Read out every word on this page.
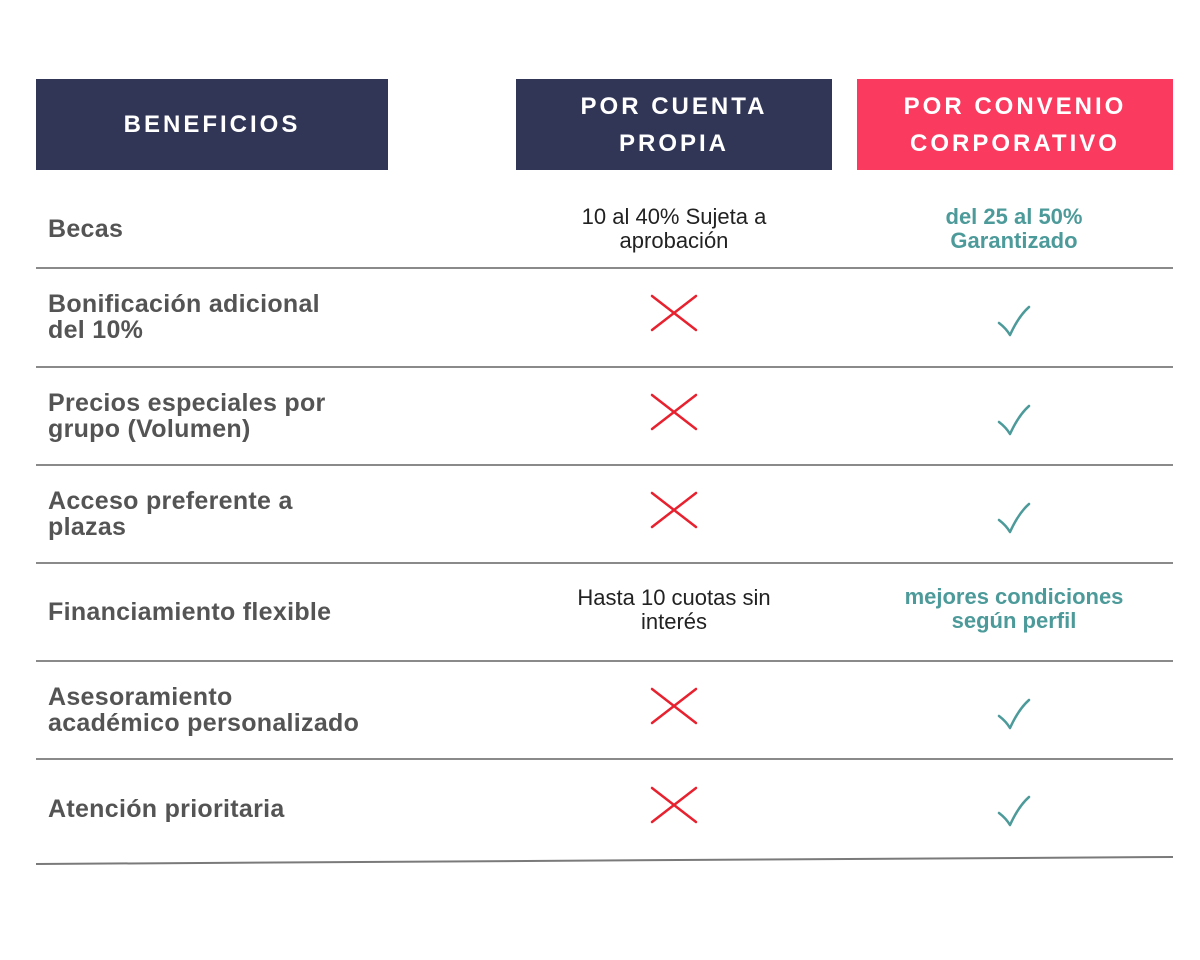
BENEFICIOS
POR CUENTA
PROPIA
POR CONVENIO
CORPORATIVO
Becas	10 al 40% Sujeta a
aprobación
del 25 al 50%
Garantizado
Bonificación adicional
del 10%
Precios especiales por
grupo (Volumen)
Acceso preferente a
plazas
Financiamiento flexible
Hasta 10 cuotas sin
interés
mejores condiciones
según perfil
Asesoramiento
académico personalizado
Atención prioritaria
